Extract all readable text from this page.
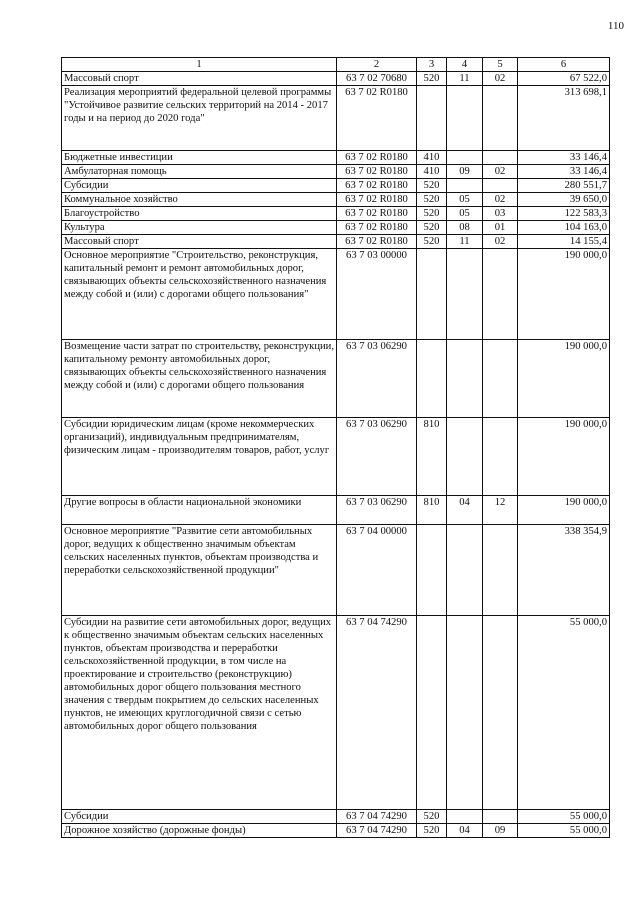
110
1	2	3	4	5	6
Массовый спорт	63 7 02 70680	520	11	02	67 522,0
Реализация мероприятий федеральной целевой программы "Устойчивое развитие сельских территорий на 2014 - 2017 годы и на период до 2020 года"	63 7 02 R0180				313 698,1
Бюджетные инвестиции	63 7 02 R0180	410			33 146,4
Амбулаторная помощь	63 7 02 R0180	410	09	02	33 146,4
Субсидии	63 7 02 R0180	520			280 551,7
Коммунальное хозяйство	63 7 02 R0180	520	05	02	39 650,0
Благоустройство	63 7 02 R0180	520	05	03	122 583,3
Культура	63 7 02 R0180	520	08	01	104 163,0
Массовый спорт	63 7 02 R0180	520	11	02	14 155,4
Основное мероприятие "Строительство, реконструкция, капитальный ремонт и ремонт автомобильных дорог, связывающих объекты сельскохозяйственного назначения между собой и (или) с дорогами общего пользования"	63 7 03 00000				190 000,0
Возмещение части затрат по строительству, реконструкции, капитальному ремонту автомобильных дорог, связывающих объекты сельскохозяйственного назначения между собой и (или) с дорогами общего пользования	63 7 03 06290				190 000,0
Субсидии юридическим лицам (кроме некоммерческих организаций), индивидуальным предпринимателям, физическим лицам - производителям товаров, работ, услуг	63 7 03 06290	810			190 000,0
Другие вопросы в области национальной экономики	63 7 03 06290	810	04	12	190 000,0
Основное мероприятие "Развитие сети автомобильных дорог, ведущих к общественно значимым объектам сельских населенных пунктов, объектам производства и переработки сельскохозяйственной продукции"	63 7 04 00000				338 354,9
Субсидии на развитие сети автомобильных дорог, ведущих к общественно значимым объектам сельских населенных пунктов, объектам производства и переработки сельскохозяйственной продукции, в том числе на проектирование и строительство (реконструкцию) автомобильных дорог общего пользования местного значения с твердым покрытием до сельских населенных пунктов, не имеющих круглогодичной связи с сетью автомобильных дорог общего пользования	63 7 04 74290				55 000,0
Субсидии	63 7 04 74290	520			55 000,0
Дорожное хозяйство (дорожные фонды)	63 7 04 74290	520	04	09	55 000,0
